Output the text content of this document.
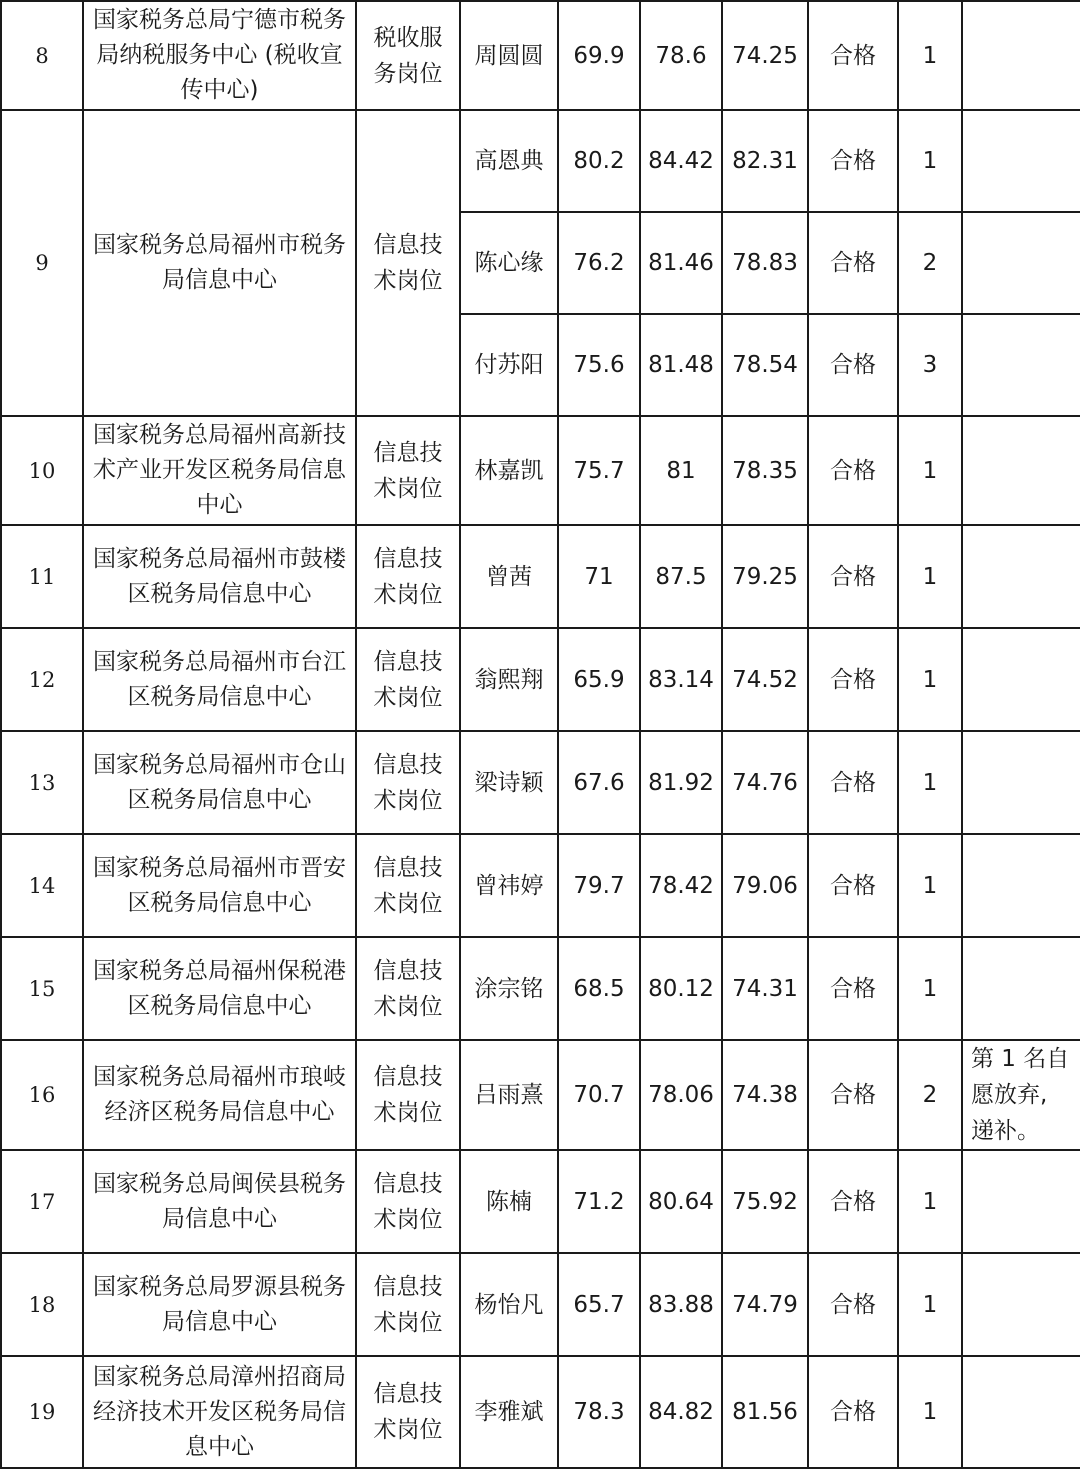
8	国家税务总局宁德市税务局纳税服务中心 (税收宣传中心)	税收服务岗位	周圆圆	69.9	78.6	74.25	合格	1	
9	国家税务总局福州市税务局信息中心	信息技术岗位	高恩典	80.2	84.42	82.31	合格	1	
			陈心缘	76.2	81.46	78.83	合格	2	
			付苏阳	75.6	81.48	78.54	合格	3	
10	国家税务总局福州高新技术产业开发区税务局信息中心	信息技术岗位	林嘉凯	75.7	81	78.35	合格	1	
11	国家税务总局福州市鼓楼区税务局信息中心	信息技术岗位	曾茜	71	87.5	79.25	合格	1	
12	国家税务总局福州市台江区税务局信息中心	信息技术岗位	翁熙翔	65.9	83.14	74.52	合格	1	
13	国家税务总局福州市仓山区税务局信息中心	信息技术岗位	梁诗颖	67.6	81.92	74.76	合格	1	
14	国家税务总局福州市晋安区税务局信息中心	信息技术岗位	曾祎婷	79.7	78.42	79.06	合格	1	
15	国家税务总局福州保税港区税务局信息中心	信息技术岗位	涂宗铭	68.5	80.12	74.31	合格	1	
16	国家税务总局福州市琅岐经济区税务局信息中心	信息技术岗位	吕雨熹	70.7	78.06	74.38	合格	2	第 1 名自愿放弃, 递补。
17	国家税务总局闽侯县税务局信息中心	信息技术岗位	陈楠	71.2	80.64	75.92	合格	1	
18	国家税务总局罗源县税务局信息中心	信息技术岗位	杨怡凡	65.7	83.88	74.79	合格	1	
19	国家税务总局漳州招商局经济技术开发区税务局信息中心	信息技术岗位	李雅斌	78.3	84.82	81.56	合格	1	
